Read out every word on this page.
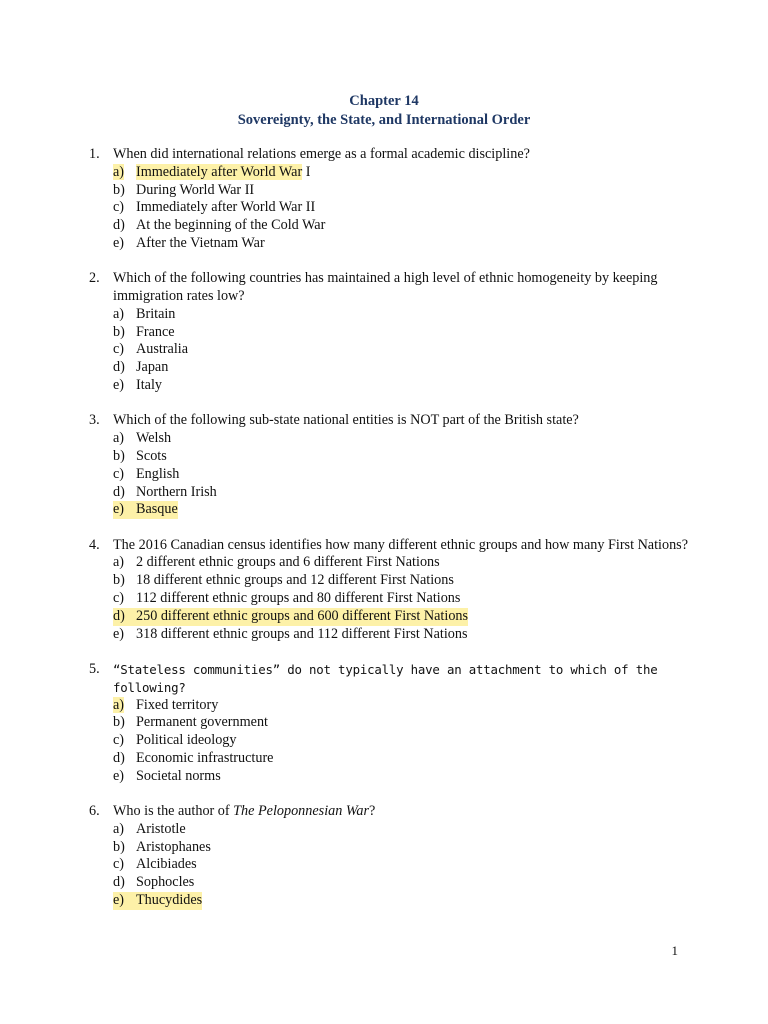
Chapter 14
Sovereignty, the State, and International Order
1. When did international relations emerge as a formal academic discipline?
a) Immediately after World War I
b) During World War II
c) Immediately after World War II
d) At the beginning of the Cold War
e) After the Vietnam War
2. Which of the following countries has maintained a high level of ethnic homogeneity by keeping immigration rates low?
a) Britain
b) France
c) Australia
d) Japan
e) Italy
3. Which of the following sub-state national entities is NOT part of the British state?
a) Welsh
b) Scots
c) English
d) Northern Irish
e) Basque
4. The 2016 Canadian census identifies how many different ethnic groups and how many First Nations?
a) 2 different ethnic groups and 6 different First Nations
b) 18 different ethnic groups and 12 different First Nations
c) 112 different ethnic groups and 80 different First Nations
d) 250 different ethnic groups and 600 different First Nations
e) 318 different ethnic groups and 112 different First Nations
5.	“Stateless communities” do not typically have an attachment to which of the following?
a) Fixed territory
b) Permanent government
c) Political ideology
d) Economic infrastructure
e) Societal norms
6. Who is the author of The Peloponnesian War?
a) Aristotle
b) Aristophanes
c) Alcibiades
d) Sophocles
e) Thucydides
1
